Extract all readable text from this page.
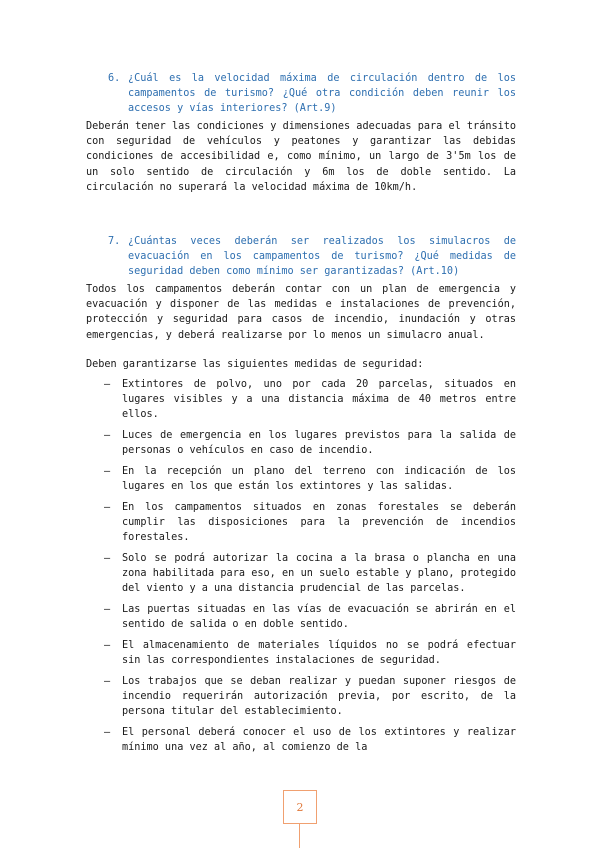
6. ¿Cuál es la velocidad máxima de circulación dentro de los campamentos de turismo? ¿Qué otra condición deben reunir los accesos y vías interiores? (Art.9)
Deberán tener las condiciones y dimensiones adecuadas para el tránsito con seguridad de vehículos y peatones y garantizar las debidas condiciones de accesibilidad e, como mínimo, un largo de 3'5m los de un solo sentido de circulación y 6m los de doble sentido. La circulación no superará la velocidad máxima de 10km/h.
7. ¿Cuántas veces deberán ser realizados los simulacros de evacuación en los campamentos de turismo? ¿Qué medidas de seguridad deben como mínimo ser garantizadas? (Art.10)
Todos los campamentos deberán contar con un plan de emergencia y evacuación y disponer de las medidas e instalaciones de prevención, protección y seguridad para casos de incendio, inundación y otras emergencias, y deberá realizarse por lo menos un simulacro anual.
Deben garantizarse las siguientes medidas de seguridad:
– Extintores de polvo, uno por cada 20 parcelas, situados en lugares visibles y a una distancia máxima de 40 metros entre ellos.
– Luces de emergencia en los lugares previstos para la salida de personas o vehículos en caso de incendio.
– En la recepción un plano del terreno con indicación de los lugares en los que están los extintores y las salidas.
– En los campamentos situados en zonas forestales se deberán cumplir las disposiciones para la prevención de incendios forestales.
– Solo se podrá autorizar la cocina a la brasa o plancha en una zona habilitada para eso, en un suelo estable y plano, protegido del viento y a una distancia prudencial de las parcelas.
– Las puertas situadas en las vías de evacuación se abrirán en el sentido de salida o en doble sentido.
– El almacenamiento de materiales líquidos no se podrá efectuar sin las correspondientes instalaciones de seguridad.
– Los trabajos que se deban realizar y puedan suponer riesgos de incendio requerirán autorización previa, por escrito, de la persona titular del establecimiento.
– El personal deberá conocer el uso de los extintores y realizar mínimo una vez al año, al comienzo de la
2
